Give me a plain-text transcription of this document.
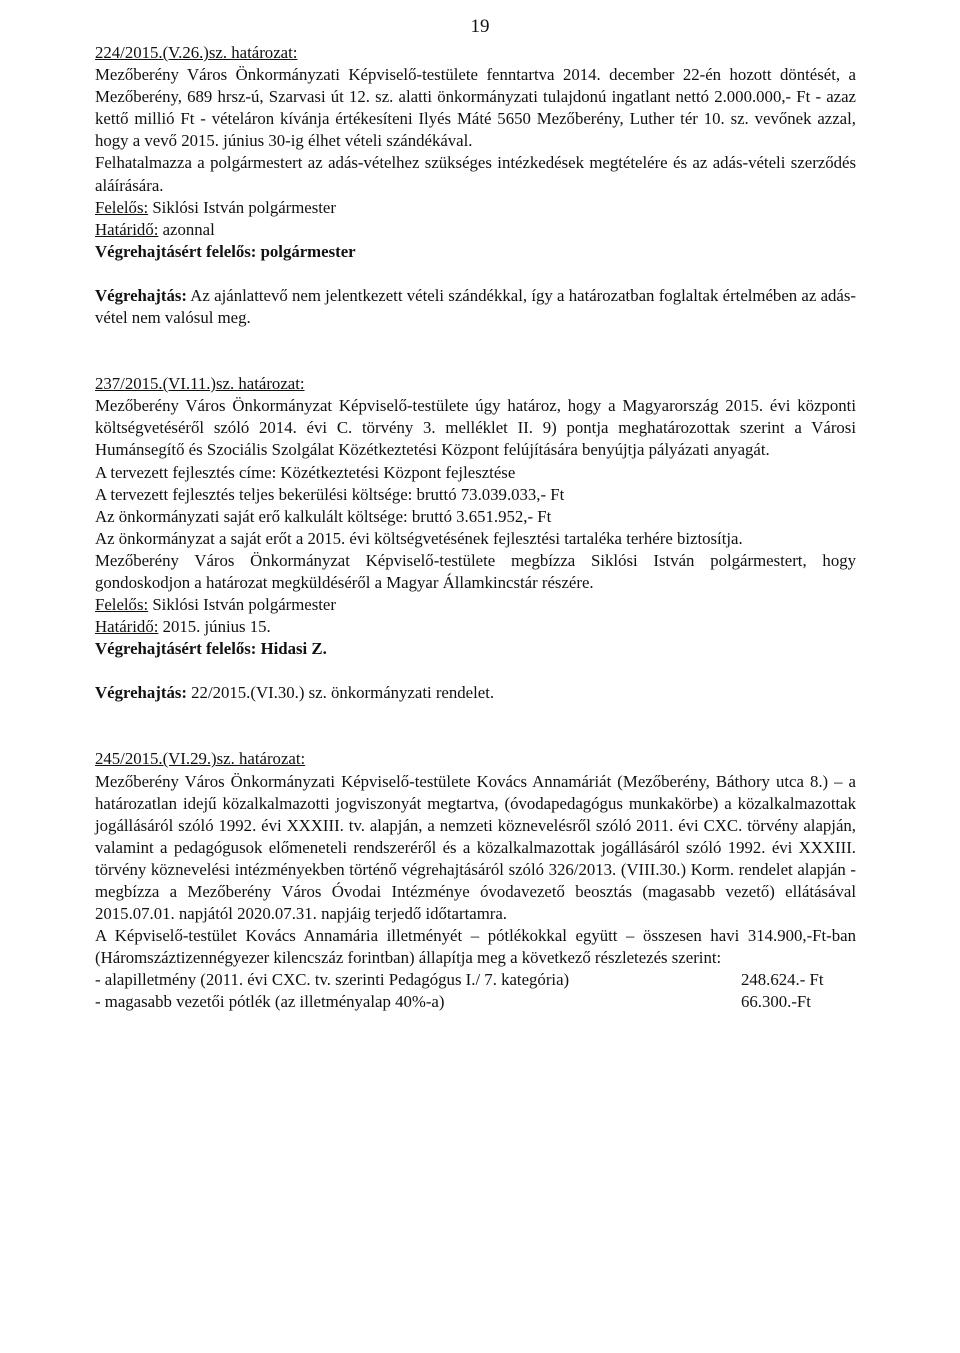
19

224/2015.(V.26.)sz. határozat:

Mezőberény Város Önkormányzati Képviselő-testülete fenntartva 2014. december 22-én hozott döntését, a Mezőberény, 689 hrsz-ú, Szarvasi út 12. sz. alatti önkormányzati tulajdonú ingatlant nettó 2.000.000,- Ft - azaz kettő millió Ft - vételáron kívánja értékesíteni Ilyés Máté 5650 Mezőberény, Luther tér 10. sz. vevőnek azzal, hogy a vevő 2015. június 30-ig élhet vételi szándékával.

Felhatalmazza a polgármestert az adás-vételhez szükséges intézkedések megtételére és az adás-vételi szerződés aláírására.

Felelős: Siklósi István polgármester

Határidő: azonnal

Végrehajtásért felelős: polgármester

Végrehajtás: Az ajánlattevő nem jelentkezett vételi szándékkal, így a határozatban foglaltak értelmében az adás-vétel nem valósul meg.

237/2015.(VI.11.)sz. határozat:

Mezőberény Város Önkormányzat Képviselő-testülete úgy határoz, hogy a Magyarország 2015. évi központi költségvetéséről szóló 2014. évi C. törvény 3. melléklet II. 9) pontja meghatározottak szerint a Városi Humánsegítő és Szociális Szolgálat Közétkeztetési Központ felújítására benyújtja pályázati anyagát.

A tervezett fejlesztés címe: Közétkeztetési Központ fejlesztése

A tervezett fejlesztés teljes bekerülési költsége: bruttó 73.039.033,- Ft

Az önkormányzati saját erő kalkulált költsége: bruttó 3.651.952,- Ft

Az önkormányzat a saját erőt a 2015. évi költségvetésének fejlesztési tartaléka terhére biztosítja.

Mezőberény Város Önkormányzat Képviselő-testülete megbízza Siklósi István polgármestert, hogy gondoskodjon a határozat megküldéséről a Magyar Államkincstár részére.

Felelős: Siklósi István polgármester

Határidő: 2015. június 15.

Végrehajtásért felelős: Hidasi Z.

Végrehajtás: 22/2015.(VI.30.) sz. önkormányzati rendelet.

245/2015.(VI.29.)sz. határozat:

Mezőberény Város Önkormányzati Képviselő-testülete Kovács Annamáriát (Mezőberény, Báthory utca 8.) – a határozatlan idejű közalkalmazotti jogviszonyát megtartva, (óvodapedagógus munkakörbe) a közalkalmazottak jogállásáról szóló 1992. évi XXXIII. tv. alapján, a nemzeti köznevelésről szóló 2011. évi CXC. törvény alapján, valamint a pedagógusok előmeneteli rendszeréről és a közalkalmazottak jogállásáról szóló 1992. évi XXXIII. törvény köznevelési intézményekben történő végrehajtásáról szóló 326/2013. (VIII.30.) Korm. rendelet alapján - megbízza a Mezőberény Város Óvodai Intézménye óvodavezető beosztás (magasabb vezető) ellátásával 2015.07.01. napjától 2020.07.31. napjáig terjedő időtartamra.

A Képviselő-testület Kovács Annamária illetményét – pótlékokkal együtt – összesen havi 314.900,-Ft-ban (Háromszáztizennégyezer kilencszáz forintban) állapítja meg a következő részletezés szerint:

- alapilletmény (2011. évi CXC. tv. szerinti Pedagógus I./ 7. kategória)	248.624.- Ft
- magasabb vezetői pótlék (az illetményalap 40%-a)	66.300.-Ft
